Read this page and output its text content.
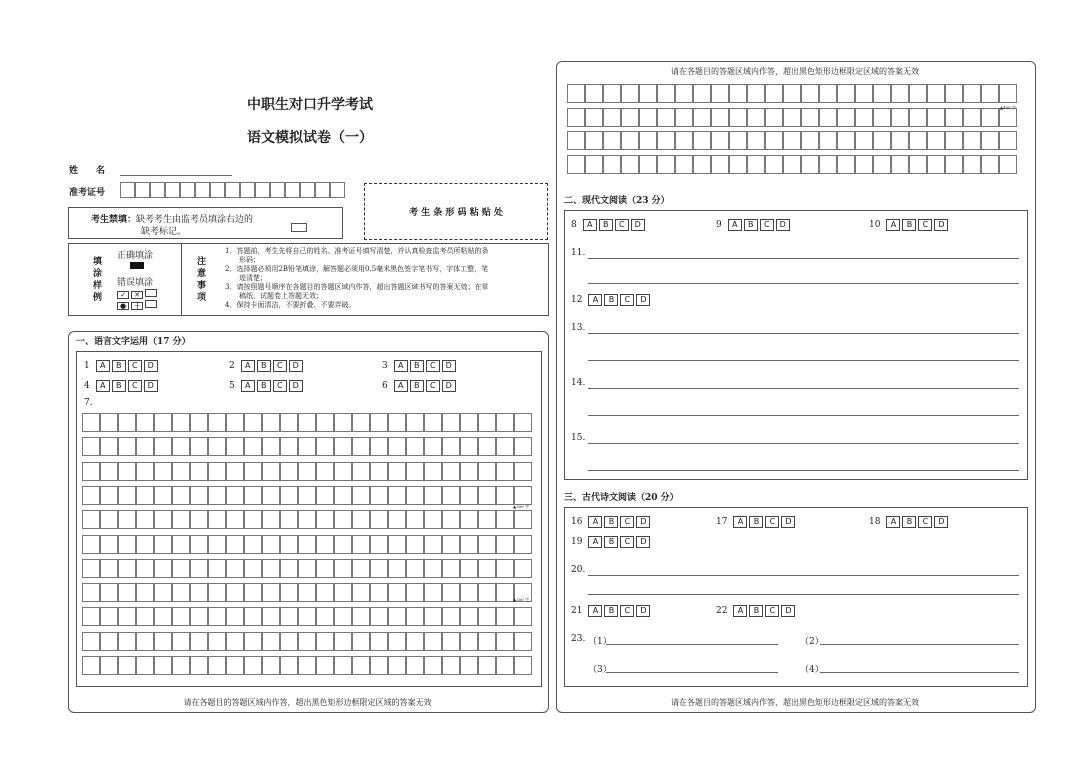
中职生对口升学考试
语文模拟试卷（一）
姓　　名
准考证号
考 生 条 形 码 粘 贴 处
考生禁填：缺考考生由监考员填涂右边的
缺考标记。
填
涂
样
例
正确填涂
错误填涂
✓ ✕
● ┼
注
意
事
项
1．答题前，考生先将自己的姓名、准考证号填写清楚，并认真检查监考员所粘贴的条
　　形码；
2．选择题必须用2B铅笔填涂，解答题必须用0.5毫米黑色签字笔书写，字体工整，笔
　　迹清楚；
3．请按照题号顺序在各题目的答题区域内作答，超出答题区域书写的答案无效；在草
　　稿纸、试题卷上答题无效；
4．保持卡面清洁，不要折叠、不要弄破。
一、语言文字运用（17 分）
1	A B C D	2	A B C D	3	A B C D
4	A B C D	5	A B C D	6	A B C D
7.
▲300 字
▲350 字
请在各题目的答题区域内作答，超出黑色矩形边框限定区域的答案无效
请在各题目的答题区域内作答，超出黑色矩形边框限定区域的答案无效
▲400 字
二、现代文阅读（23 分）
8	A B C D	9	A B C D	10	A B C D
11.
12	A B C D
13.
14.
15.
三、古代诗文阅读（20 分）
16	A B C D	17	A B C D	18	A B C D
19	A B C D
20.
21	A B C D	22	A B C D
23. （1）	（2）
（3）	（4）
请在各题目的答题区域内作答，超出黑色矩形边框限定区域的答案无效
